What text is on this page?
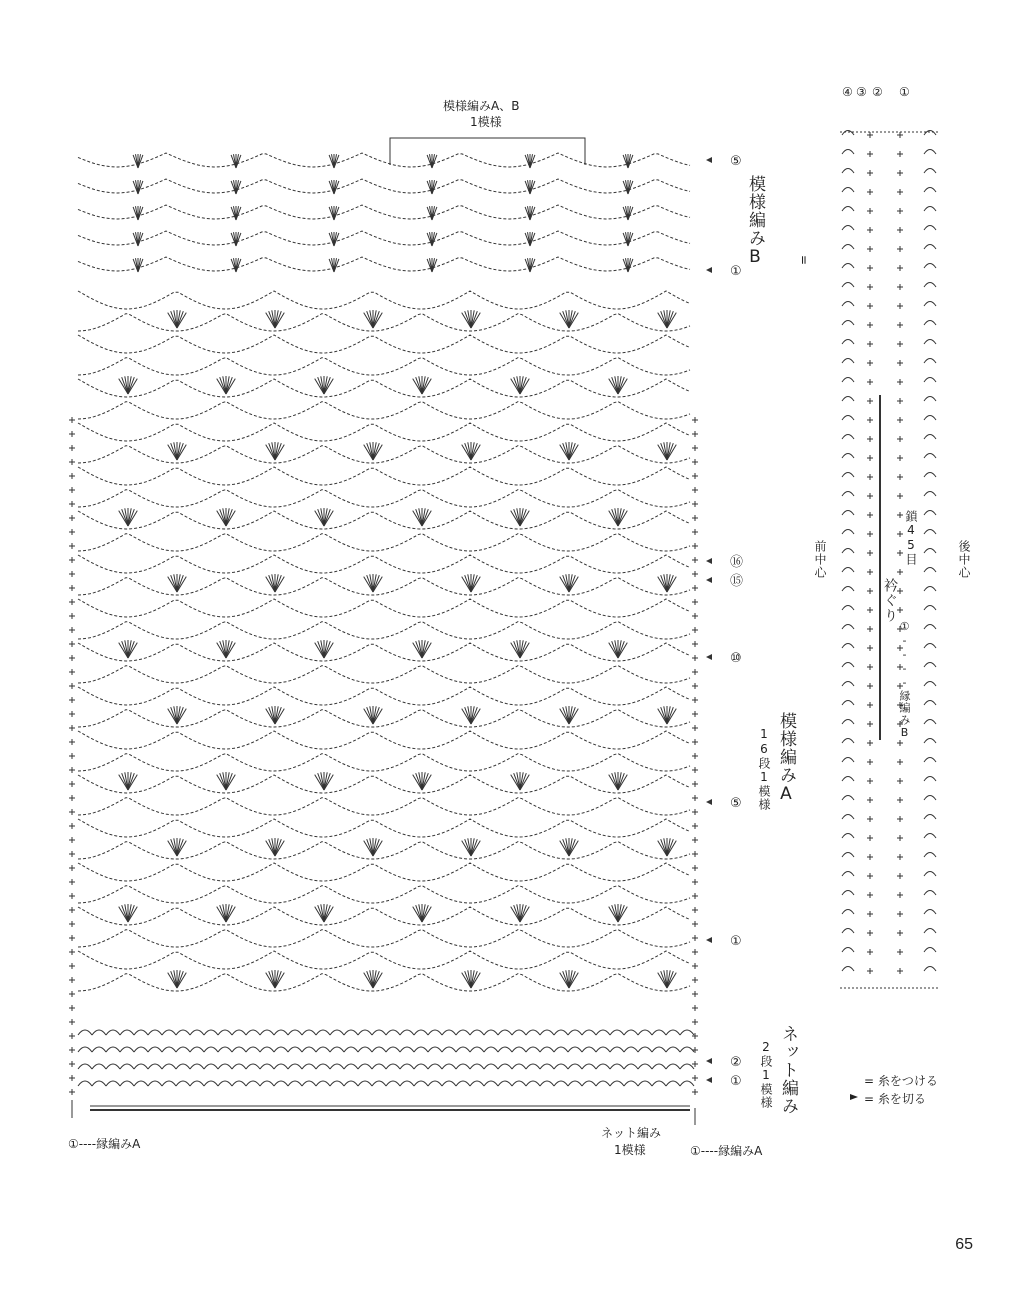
⑤
①
⑯
⑮
⑩
⑤
①
②
①
④ ③ ② ①
=
模様編みA、B
1模様
模様編みB
模様編みA
16段1模様
ネット編み
2段1模様
ネット編み
1模様
①----縁編みA	①----縁編みA
前中心	後中心
衿ぐり
鎖45目
①----縁編みB
= 糸をつける
= 糸を切る
65
